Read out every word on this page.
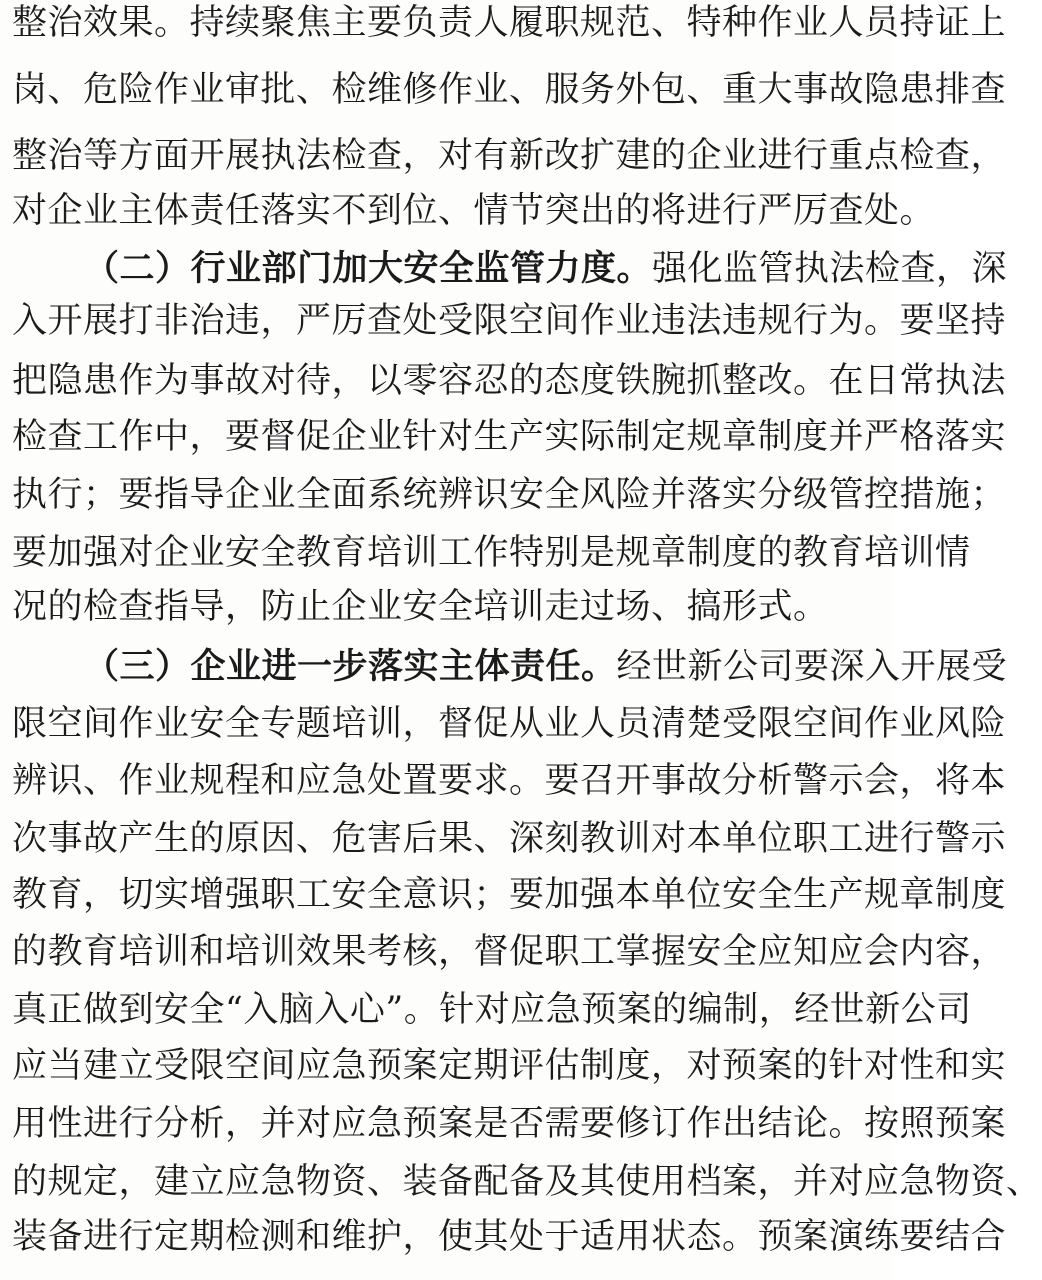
整治效果。持续聚焦主要负责人履职规范、特种作业人员持证上
岗、危险作业审批、检维修作业、服务外包、重大事故隐患排查
整治等方面开展执法检查，对有新改扩建的企业进行重点检查，
对企业主体责任落实不到位、情节突出的将进行严厉查处。
（二）行业部门加大安全监管力度。强化监管执法检查，深
入开展打非治违，严厉查处受限空间作业违法违规行为。要坚持
把隐患作为事故对待，以零容忍的态度铁腕抓整改。在日常执法
检查工作中，要督促企业针对生产实际制定规章制度并严格落实
执行；要指导企业全面系统辨识安全风险并落实分级管控措施；
要加强对企业安全教育培训工作特别是规章制度的教育培训情
况的检查指导，防止企业安全培训走过场、搞形式。
（三）企业进一步落实主体责任。经世新公司要深入开展受
限空间作业安全专题培训，督促从业人员清楚受限空间作业风险
辨识、作业规程和应急处置要求。要召开事故分析警示会，将本
次事故产生的原因、危害后果、深刻教训对本单位职工进行警示
教育，切实增强职工安全意识；要加强本单位安全生产规章制度
的教育培训和培训效果考核，督促职工掌握安全应知应会内容，
真正做到安全“入脑入心”。针对应急预案的编制，经世新公司
应当建立受限空间应急预案定期评估制度，对预案的针对性和实
用性进行分析，并对应急预案是否需要修订作出结论。按照预案
的规定，建立应急物资、装备配备及其使用档案，并对应急物资、
装备进行定期检测和维护，使其处于适用状态。预案演练要结合
